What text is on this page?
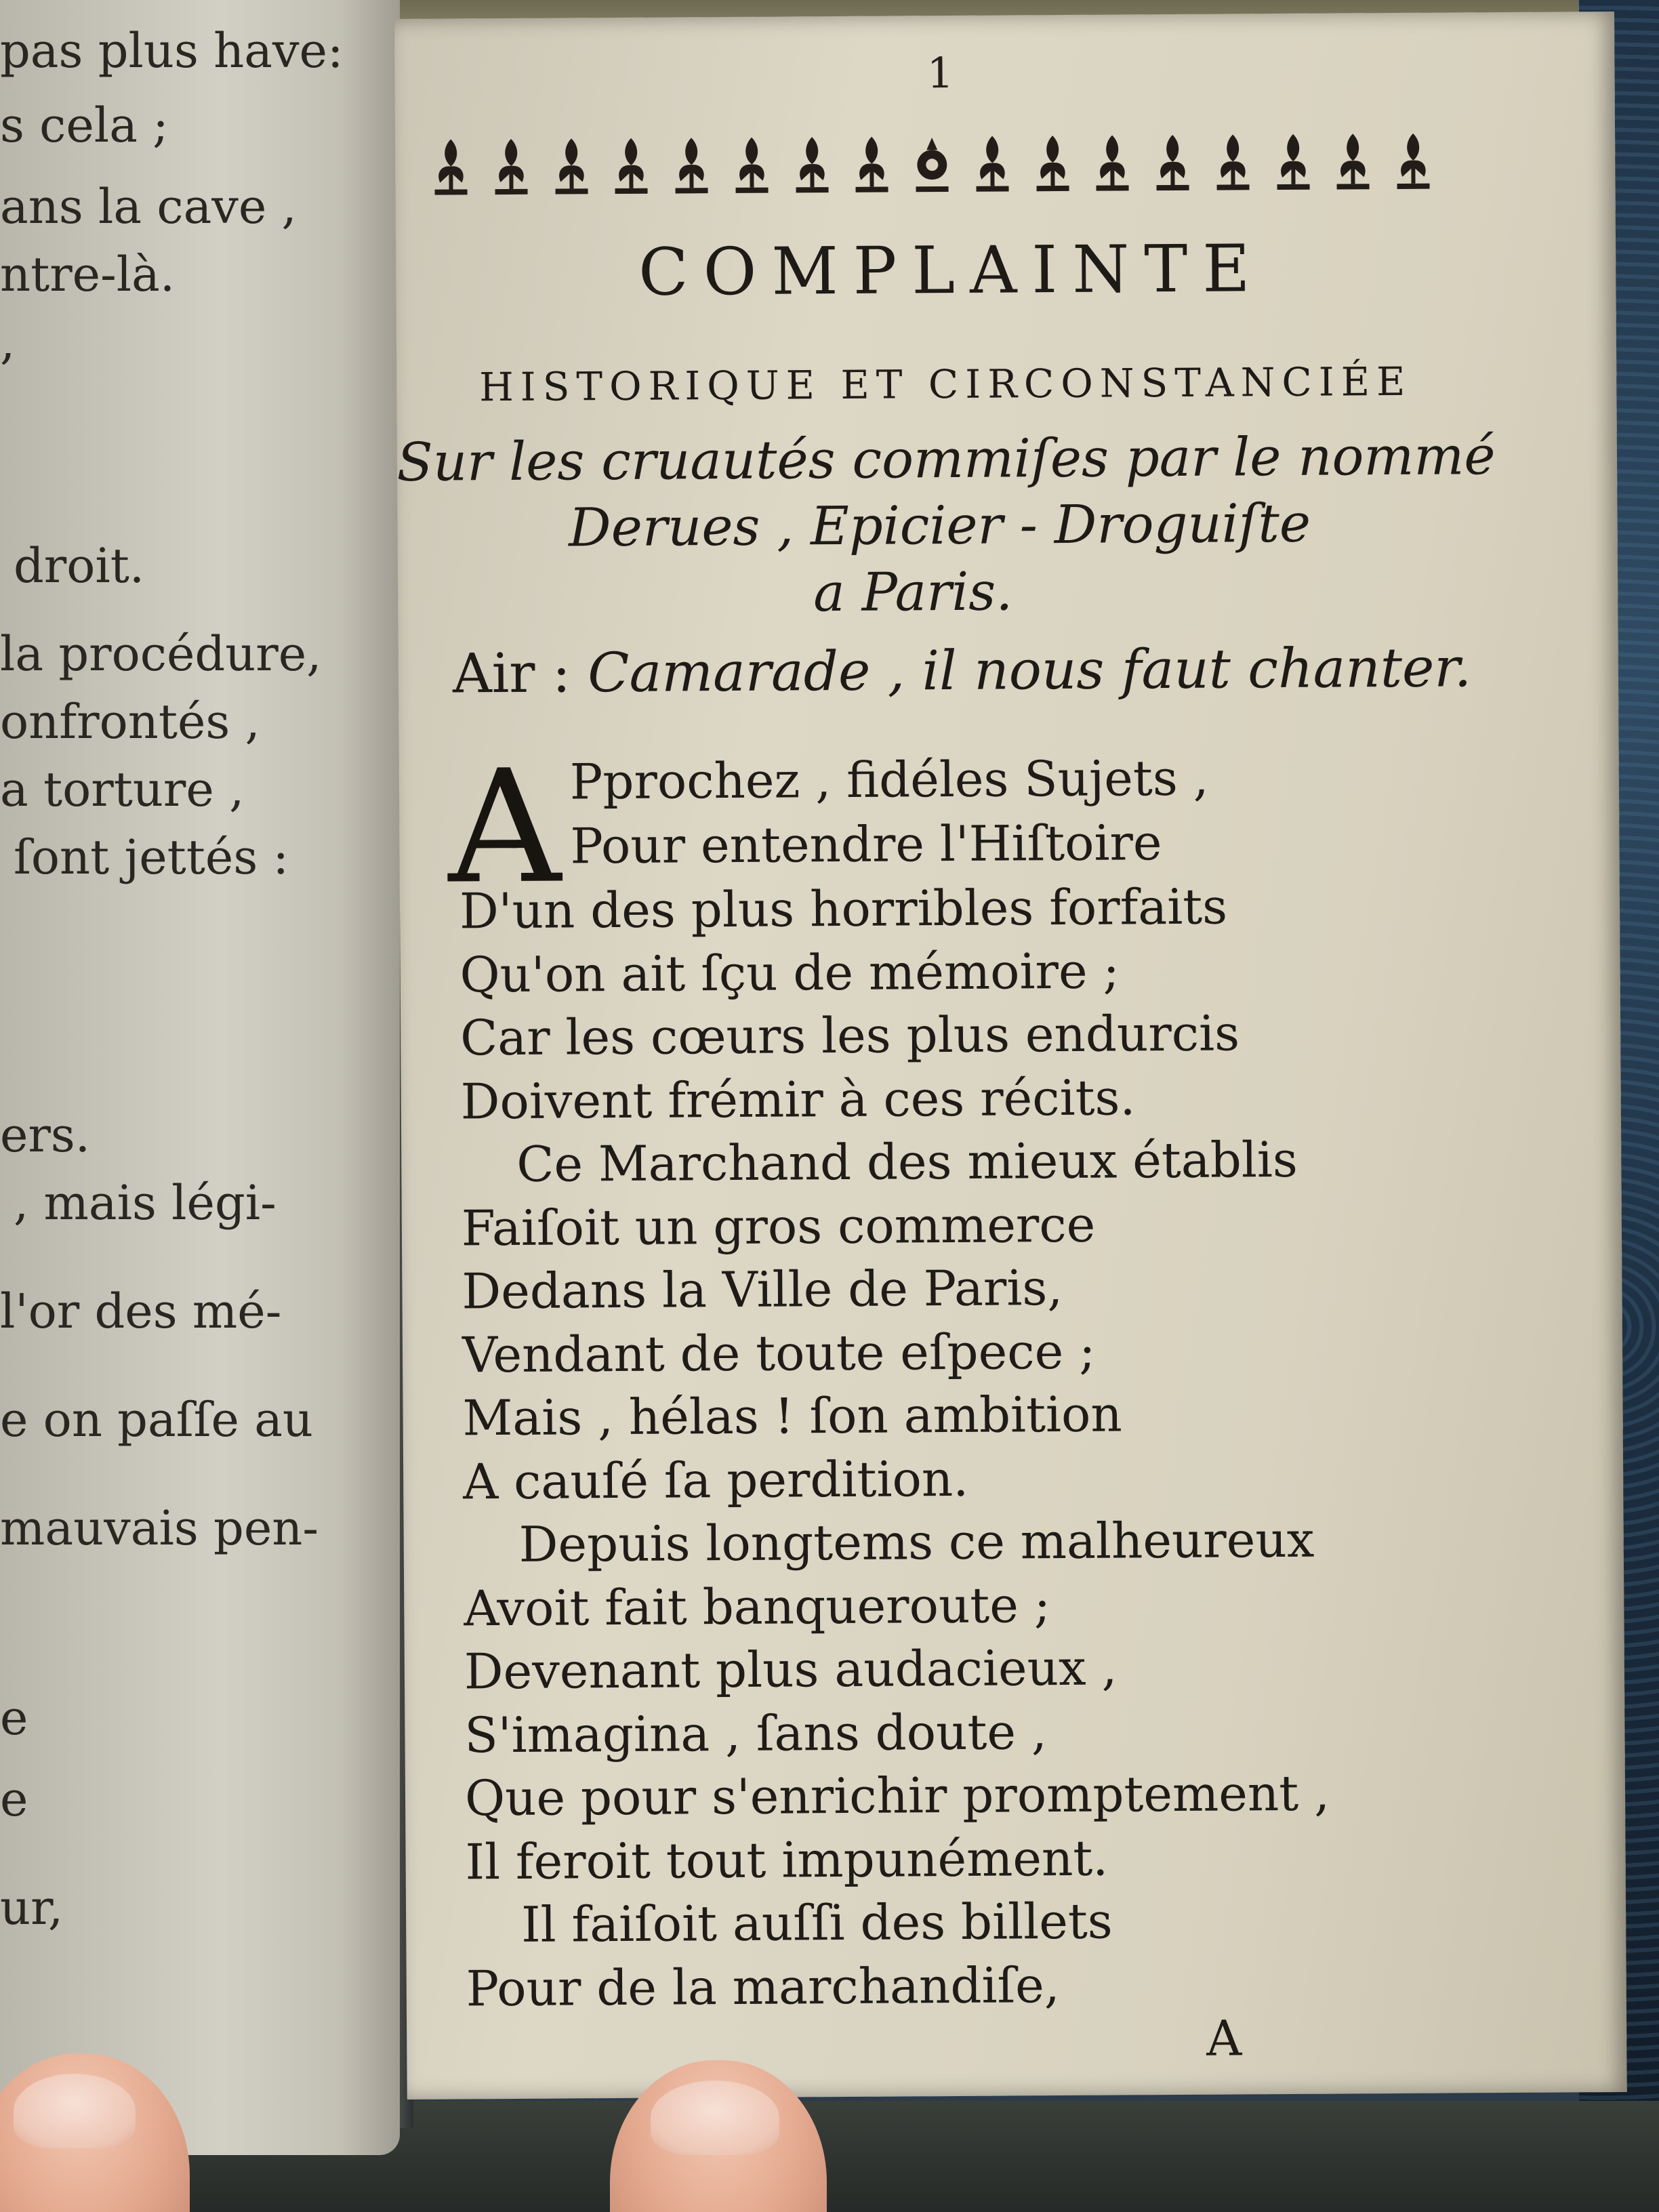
pas plus have:
s cela ;
ans la cave ,
ntre-là.
,
droit.
la procédure,
onfrontés ,
a torture ,
ſont jettés :
ers.
, mais légi-
l'or des mé-
e on paſſe au
mauvais pen-
e
e
ur,
1
COMPLAINTE
HISTORIQUE ET CIRCONSTANCIÉE
Sur les cruautés commiſes par le nommé
Derues , Epicier - Droguiſte
a Paris.
Air : Camarade , il nous faut chanter.
A Pprochez , fidéles Sujets ,
Pour entendre l'Hiſtoire
D'un des plus horribles forfaits
Qu'on ait ſçu de mémoire ;
Car les cœurs les plus endurcis
Doivent frémir à ces récits.
Ce Marchand des mieux établis
Faiſoit un gros commerce
Dedans la Ville de Paris,
Vendant de toute eſpece ;
Mais , hélas ! ſon ambition
A cauſé ſa perdition.
Depuis longtems ce malheureux
Avoit fait banqueroute ;
Devenant plus audacieux ,
S'imagina , ſans doute ,
Que pour s'enrichir promptement ,
Il feroit tout impunément.
Il faiſoit auſſi des billets
Pour de la marchandiſe,
A
